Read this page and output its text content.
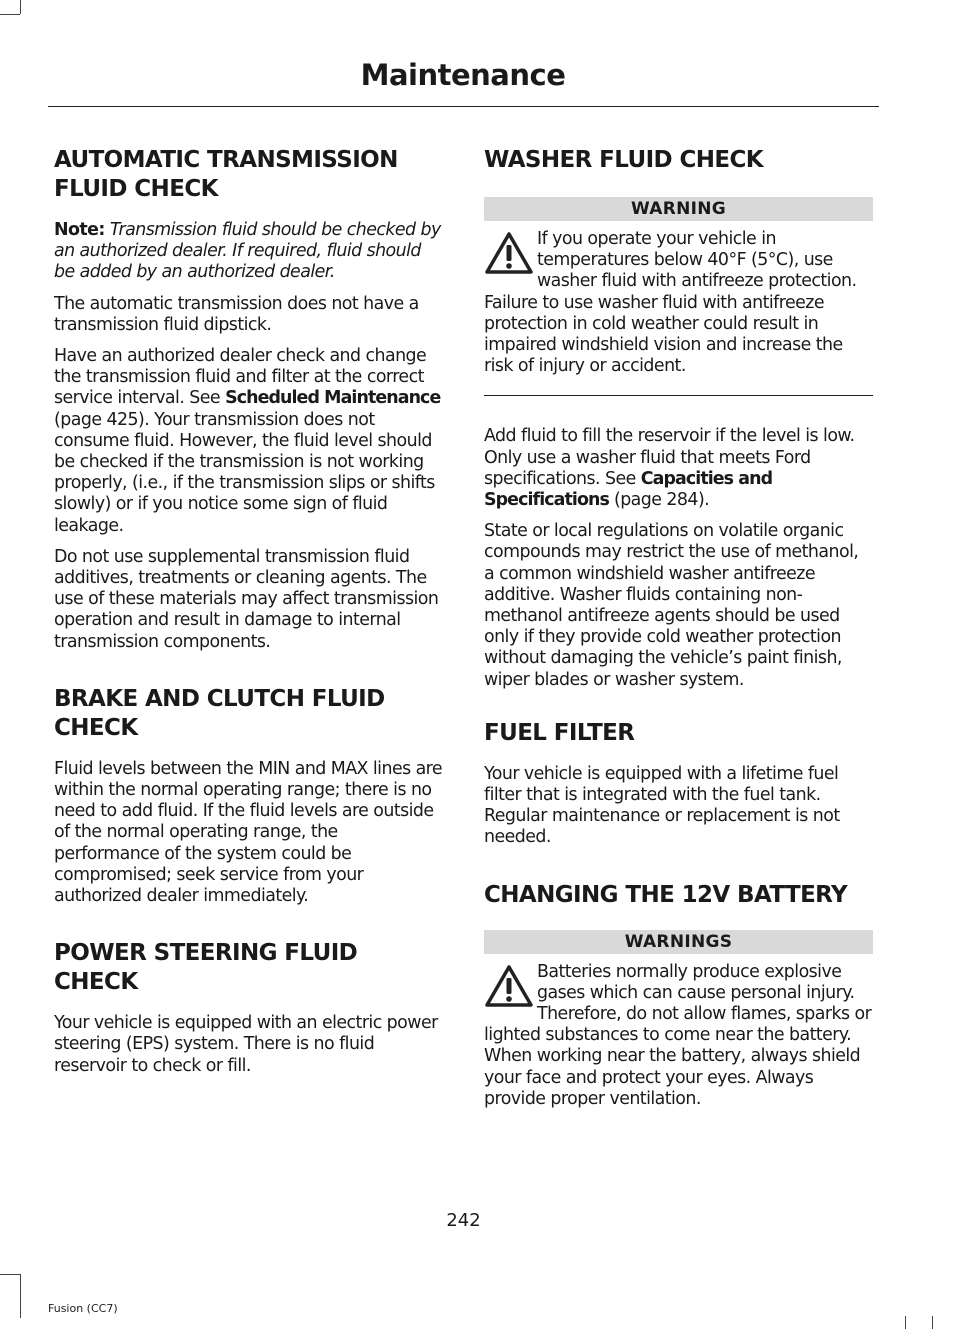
Maintenance
AUTOMATIC TRANSMISSION FLUID CHECK

Note: Transmission fluid should be checked by an authorized dealer. If required, fluid should be added by an authorized dealer.

The automatic transmission does not have a transmission fluid dipstick.

Have an authorized dealer check and change the transmission fluid and filter at the correct service interval. See Scheduled Maintenance (page 425). Your transmission does not consume fluid. However, the fluid level should be checked if the transmission is not working properly, (i.e., if the transmission slips or shifts slowly) or if you notice some sign of fluid leakage.

Do not use supplemental transmission fluid additives, treatments or cleaning agents. The use of these materials may affect transmission operation and result in damage to internal transmission components.

BRAKE AND CLUTCH FLUID CHECK

Fluid levels between the MIN and MAX lines are within the normal operating range; there is no need to add fluid. If the fluid levels are outside of the normal operating range, the performance of the system could be compromised; seek service from your authorized dealer immediately.

POWER STEERING FLUID CHECK

Your vehicle is equipped with an electric power steering (EPS) system. There is no fluid reservoir to check or fill.

WASHER FLUID CHECK
WARNING

If you operate your vehicle in temperatures below 40°F (5°C), use washer fluid with antifreeze protection. Failure to use washer fluid with antifreeze protection in cold weather could result in impaired windshield vision and increase the risk of injury or accident.

Add fluid to fill the reservoir if the level is low. Only use a washer fluid that meets Ford specifications. See Capacities and Specifications (page 284).

State or local regulations on volatile organic compounds may restrict the use of methanol, a common windshield washer antifreeze additive. Washer fluids containing non-methanol antifreeze agents should be used only if they provide cold weather protection without damaging the vehicle’s paint finish, wiper blades or washer system.

FUEL FILTER

Your vehicle is equipped with a lifetime fuel filter that is integrated with the fuel tank. Regular maintenance or replacement is not needed.

CHANGING THE 12V BATTERY
WARNINGS

Batteries normally produce explosive gases which can cause personal injury. Therefore, do not allow flames, sparks or lighted substances to come near the battery. When working near the battery, always shield your face and protect your eyes. Always provide proper ventilation.

242
Fusion (CC7)
